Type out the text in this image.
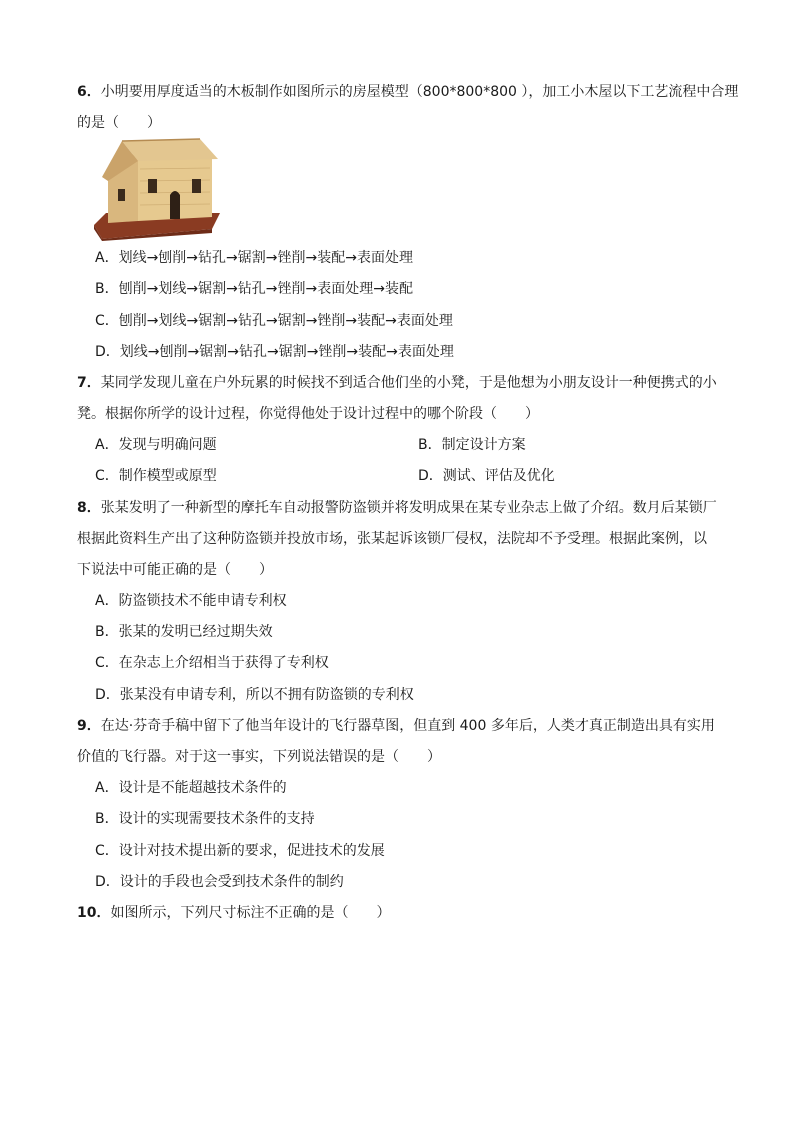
6．小明要用厚度适当的木板制作如图所示的房屋模型（800*800*800 ），加工小木屋以下工艺流程中合理
的是（　　）
A．划线→刨削→钻孔→锯割→锉削→装配→表面处理
B．刨削→划线→锯割→钻孔→锉削→表面处理→装配
C．刨削→划线→锯割→钻孔→锯割→锉削→装配→表面处理
D．划线→刨削→锯割→钻孔→锯割→锉削→装配→表面处理
7．某同学发现儿童在户外玩累的时候找不到适合他们坐的小凳，于是他想为小朋友设计一种便携式的小
凳。根据你所学的设计过程，你觉得他处于设计过程中的哪个阶段（　　）
A．发现与明确问题	B．制定设计方案
C．制作模型或原型	D．测试、评估及优化
8．张某发明了一种新型的摩托车自动报警防盗锁并将发明成果在某专业杂志上做了介绍。数月后某锁厂
根据此资料生产出了这种防盗锁并投放市场，张某起诉该锁厂侵权，法院却不予受理。根据此案例，以
下说法中可能正确的是（　　）
A．防盗锁技术不能申请专利权
B．张某的发明已经过期失效
C．在杂志上介绍相当于获得了专利权
D．张某没有申请专利，所以不拥有防盗锁的专利权
9．在达·芬奇手稿中留下了他当年设计的飞行器草图，但直到 400 多年后，人类才真正制造出具有实用
价值的飞行器。对于这一事实，下列说法错误的是（　　）
A．设计是不能超越技术条件的
B．设计的实现需要技术条件的支持
C．设计对技术提出新的要求，促进技术的发展
D．设计的手段也会受到技术条件的制约
10．如图所示，下列尺寸标注不正确的是（　　）
